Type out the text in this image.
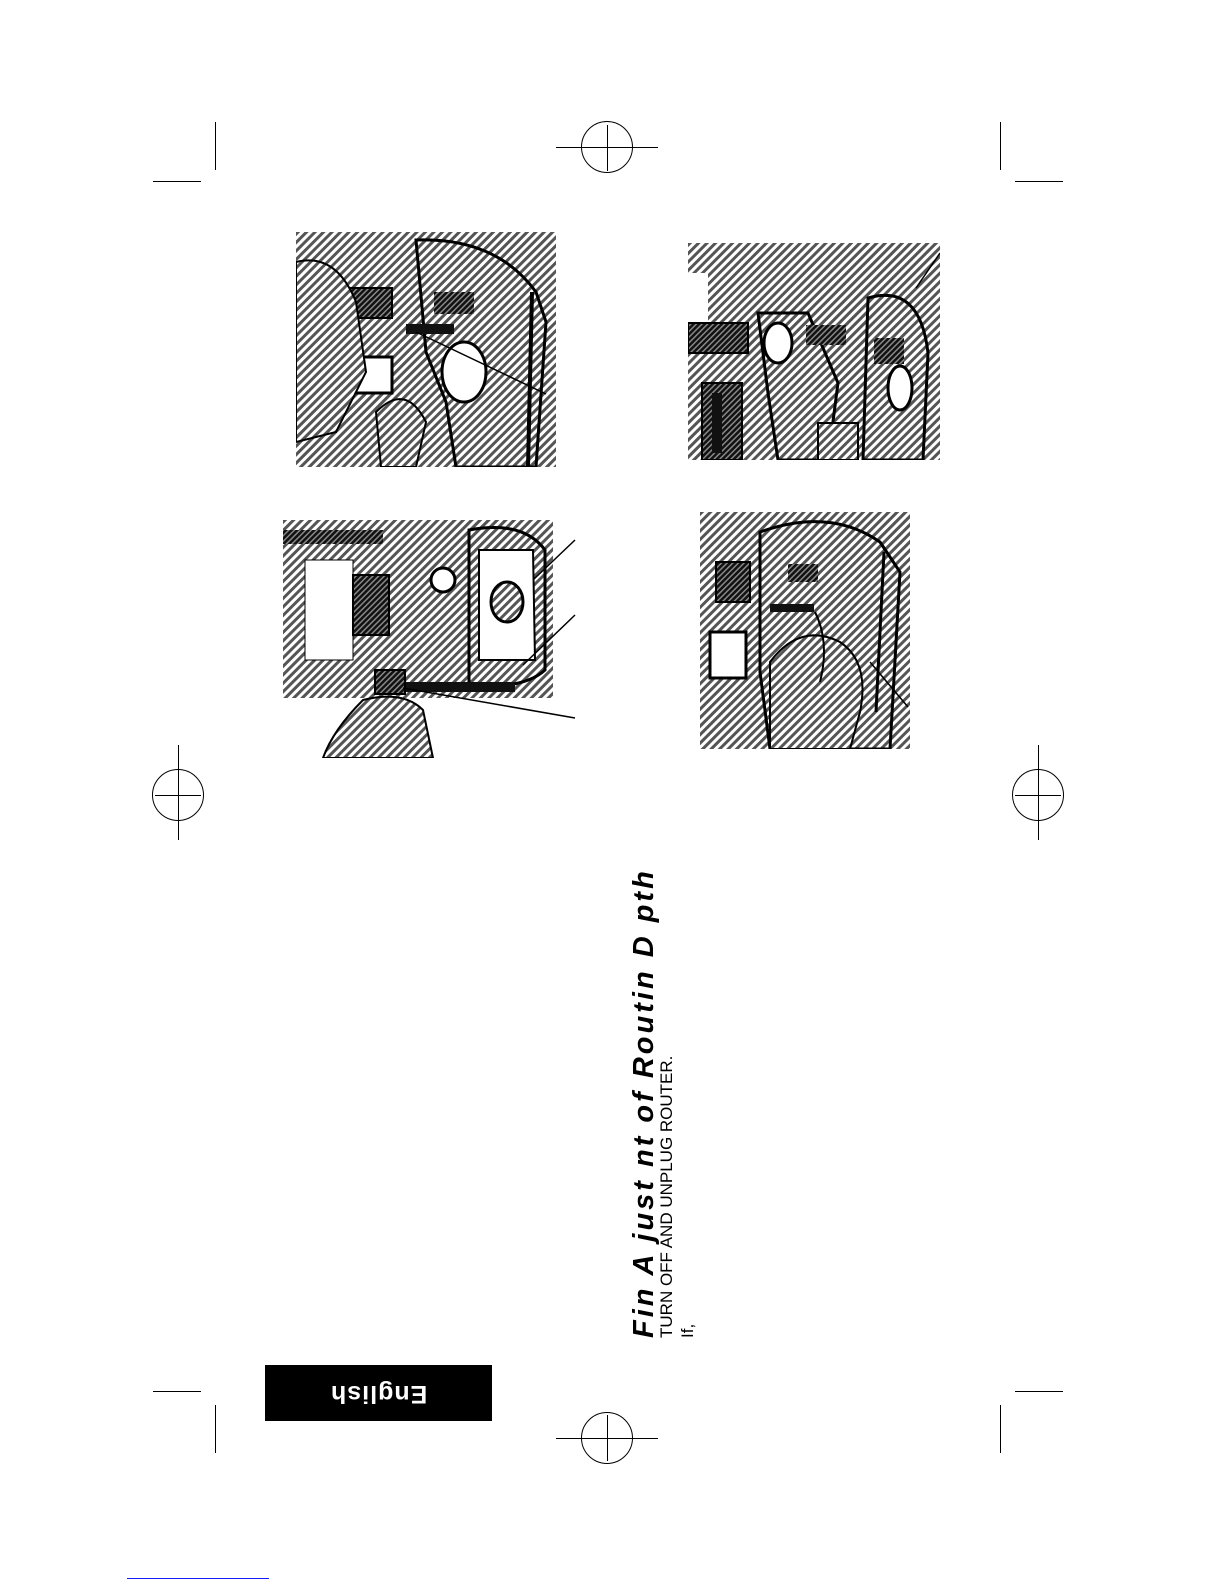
Fin A just nt of Routin D pth
TURN OFF AND UNPLUG ROUTER. If,
English
